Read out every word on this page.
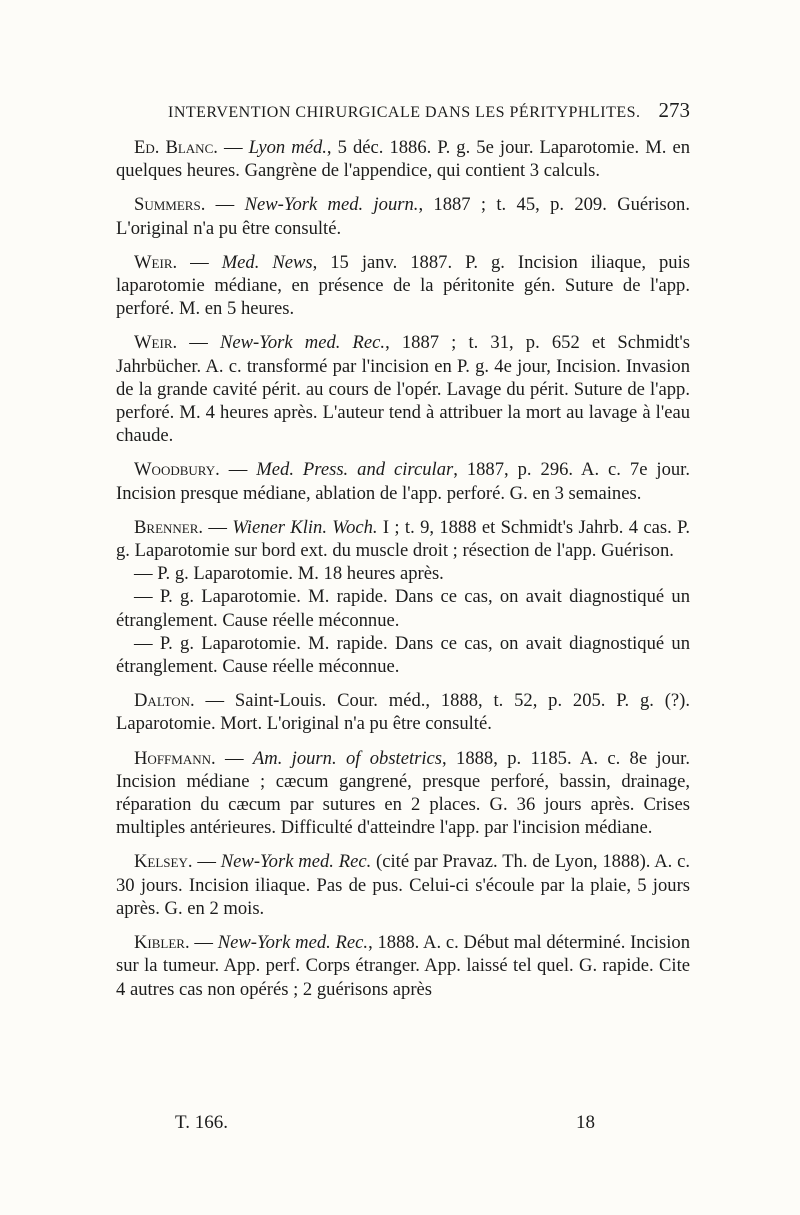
INTERVENTION CHIRURGICALE DANS LES PÉRITYPHLITES. 273

Ed. Blanc. — Lyon méd., 5 déc. 1886. P. g. 5e jour. Laparotomie. M. en quelques heures. Gangrène de l'appendice, qui contient 3 calculs.

Summers. — New-York med. journ., 1887 ; t. 45, p. 209. Guérison. L'original n'a pu être consulté.

Weir. — Med. News, 15 janv. 1887. P. g. Incision iliaque, puis laparotomie médiane, en présence de la péritonite gén. Suture de l'app. perforé. M. en 5 heures.

Weir. — New-York med. Rec., 1887 ; t. 31, p. 652 et Schmidt's Jahrbücher. A. c. transformé par l'incision en P. g. 4e jour, Incision. Invasion de la grande cavité périt. au cours de l'opér. Lavage du périt. Suture de l'app. perforé. M. 4 heures après. L'auteur tend à attribuer la mort au lavage à l'eau chaude.

Woodbury. — Med. Press. and circular, 1887, p. 296. A. c. 7e jour. Incision presque médiane, ablation de l'app. perforé. G. en 3 semaines.

Brenner. — Wiener Klin. Woch. I ; t. 9, 1888 et Schmidt's Jahrb. 4 cas. P. g. Laparotomie sur bord ext. du muscle droit ; résection de l'app. Guérison.

— P. g. Laparotomie. M. 18 heures après.

— P. g. Laparotomie. M. rapide. Dans ce cas, on avait diagnostiqué un étranglement. Cause réelle méconnue.

— P. g. Laparotomie. M. rapide. Dans ce cas, on avait diagnostiqué un étranglement. Cause réelle méconnue.

Dalton. — Saint-Louis. Cour. méd., 1888, t. 52, p. 205. P. g. (?). Laparotomie. Mort. L'original n'a pu être consulté.

Hoffmann. — Am. journ. of obstetrics, 1888, p. 1185. A. c. 8e jour. Incision médiane ; cæcum gangrené, presque perforé, bassin, drainage, réparation du cæcum par sutures en 2 places. G. 36 jours après. Crises multiples antérieures. Difficulté d'atteindre l'app. par l'incision médiane.

Kelsey. — New-York med. Rec. (cité par Pravaz. Th. de Lyon, 1888). A. c. 30 jours. Incision iliaque. Pas de pus. Celui-ci s'écoule par la plaie, 5 jours après. G. en 2 mois.

Kibler. — New-York med. Rec., 1888. A. c. Début mal déterminé. Incision sur la tumeur. App. perf. Corps étranger. App. laissé tel quel. G. rapide. Cite 4 autres cas non opérés ; 2 guérisons après

T. 166.	18
